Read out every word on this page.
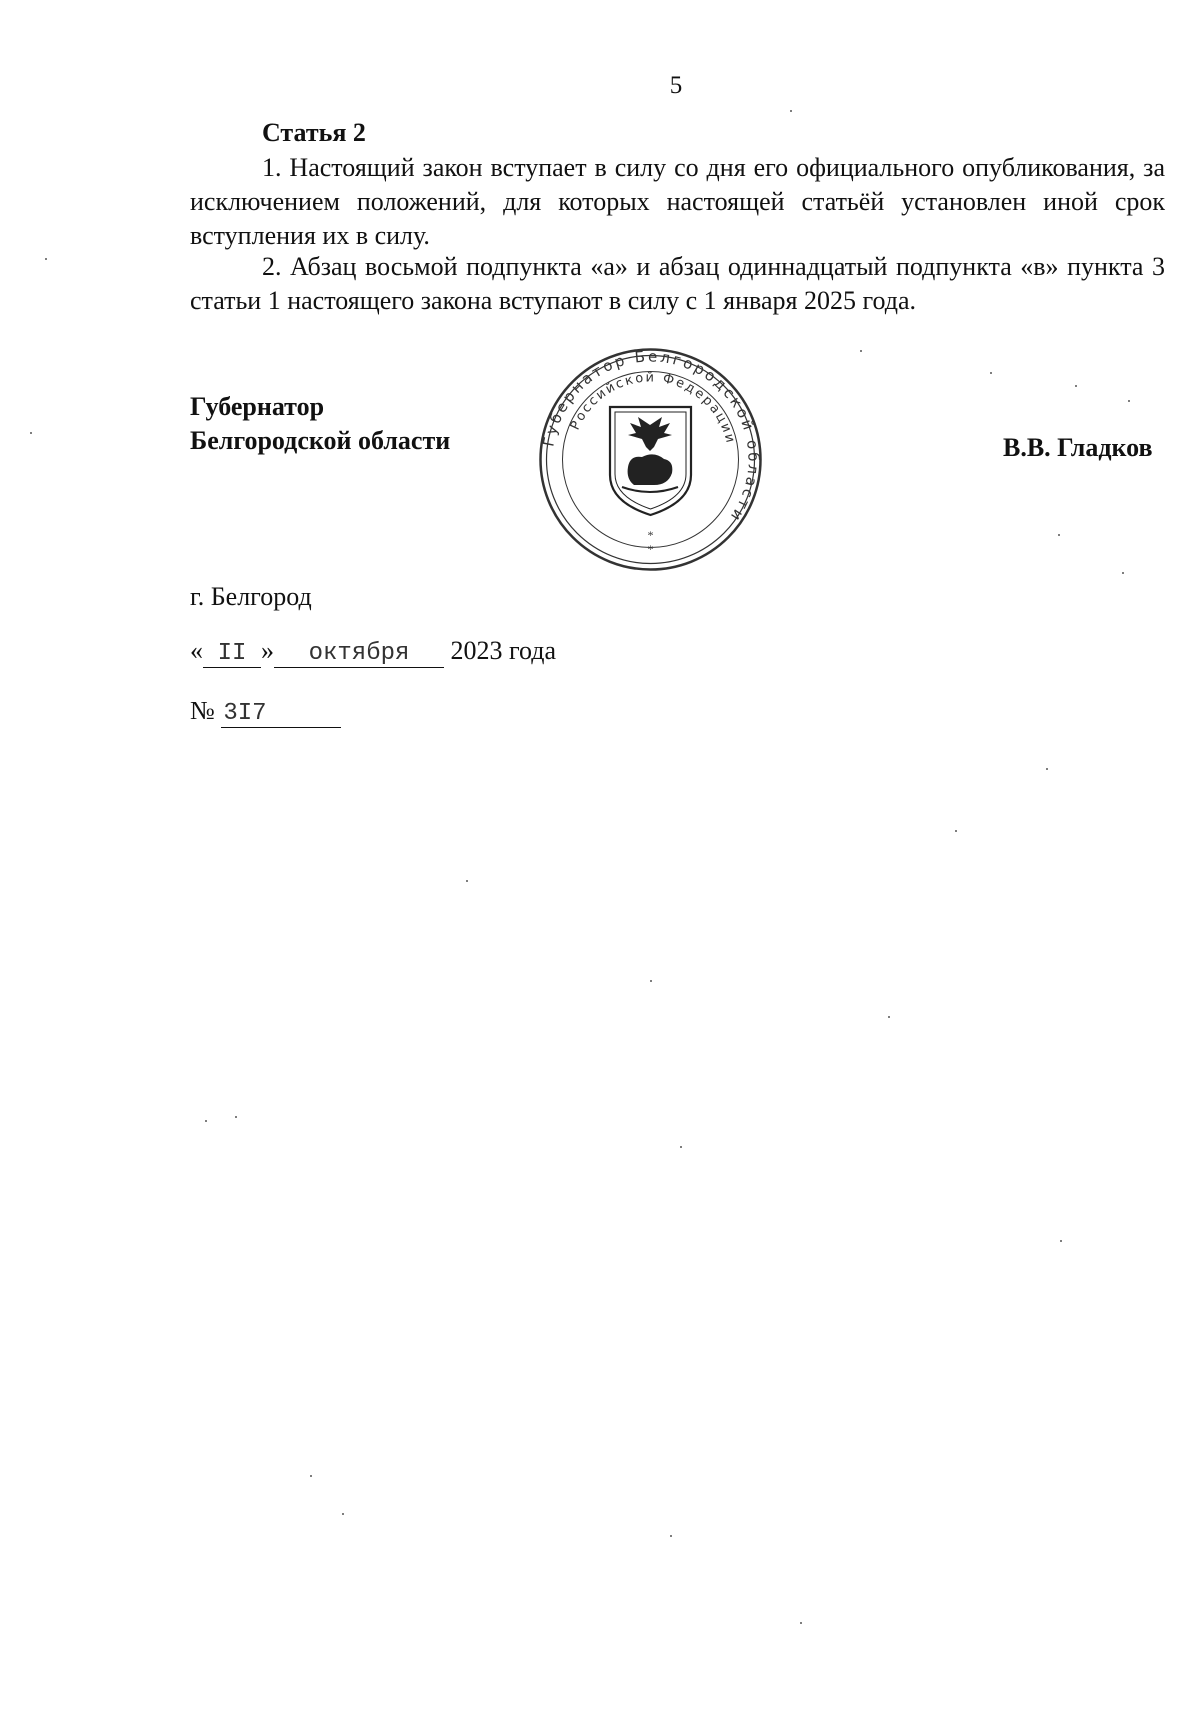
5
Статья 2
1. Настоящий закон вступает в силу со дня его официального опубликования, за исключением положений, для которых настоящей статьёй установлен иной срок вступления их в силу.
2. Абзац восьмой подпункта «а» и абзац одиннадцатый подпункта «в» пункта 3 статьи 1 настоящего закона вступают в силу с 1 января 2025 года.
Губернатор
Белгородской области	Губернатор Белгородской области
Российской Федерации
*
*
В.В. Гладков
г. Белгород
« II » октября 2023 года
№ 3I7
